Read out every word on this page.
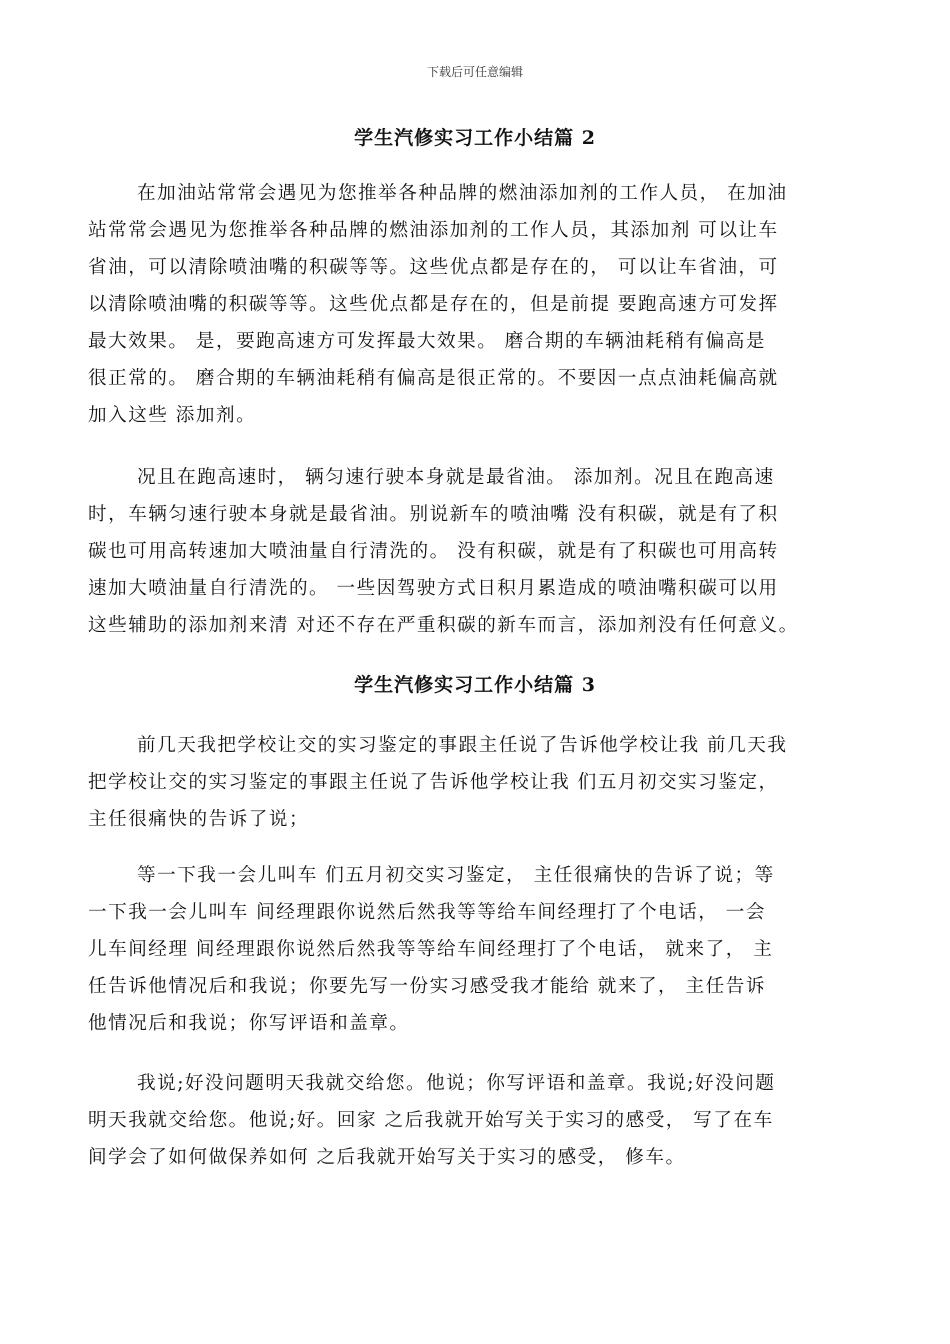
下载后可任意编辑
学生汽修实习工作小结篇 2
在加油站常常会遇见为您推举各种品牌的燃油添加剂的工作人员， 在加油
站常常会遇见为您推举各种品牌的燃油添加剂的工作人员，其添加剂 可以让车
省油，可以清除喷油嘴的积碳等等。这些优点都是存在的， 可以让车省油，可
以清除喷油嘴的积碳等等。这些优点都是存在的，但是前提 要跑高速方可发挥
最大效果。 是，要跑高速方可发挥最大效果。 磨合期的车辆油耗稍有偏高是
很正常的。 磨合期的车辆油耗稍有偏高是很正常的。不要因一点点油耗偏高就
加入这些 添加剂。
况且在跑高速时， 辆匀速行驶本身就是最省油。 添加剂。况且在跑高速
时，车辆匀速行驶本身就是最省油。别说新车的喷油嘴 没有积碳，就是有了积
碳也可用高转速加大喷油量自行清洗的。 没有积碳，就是有了积碳也可用高转
速加大喷油量自行清洗的。 一些因驾驶方式日积月累造成的喷油嘴积碳可以用
这些辅助的添加剂来清 对还不存在严重积碳的新车而言，添加剂没有任何意义。
学生汽修实习工作小结篇 3
前几天我把学校让交的实习鉴定的事跟主任说了告诉他学校让我 前几天我
把学校让交的实习鉴定的事跟主任说了告诉他学校让我 们五月初交实习鉴定，
主任很痛快的告诉了说；
等一下我一会儿叫车 们五月初交实习鉴定， 主任很痛快的告诉了说；等
一下我一会儿叫车 间经理跟你说然后然我等等给车间经理打了个电话， 一会
儿车间经理 间经理跟你说然后然我等等给车间经理打了个电话， 就来了， 主
任告诉他情况后和我说；你要先写一份实习感受我才能给 就来了， 主任告诉
他情况后和我说；你写评语和盖章。
我说;好没问题明天我就交给您。他说；你写评语和盖章。我说;好没问题
明天我就交给您。他说;好。回家 之后我就开始写关于实习的感受， 写了在车
间学会了如何做保养如何 之后我就开始写关于实习的感受， 修车。
